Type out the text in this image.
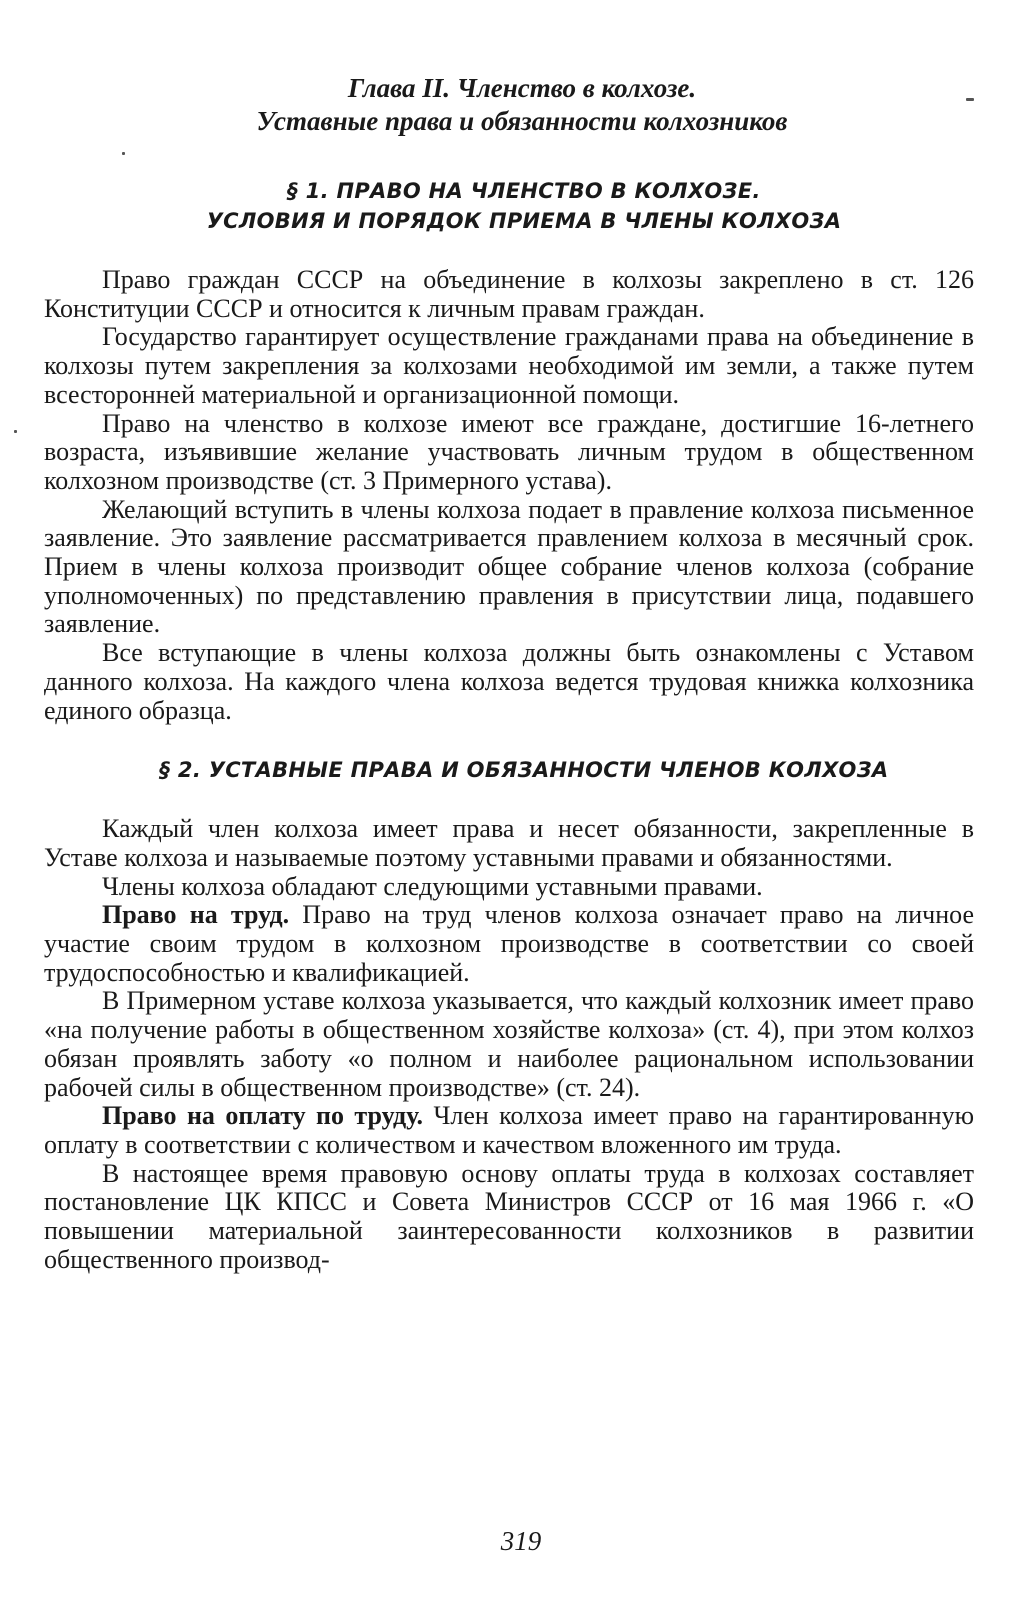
Глава II. Членство в колхозе.
Уставные права и обязанности колхозников
§ 1. ПРАВО НА ЧЛЕНСТВО В КОЛХОЗЕ.
УСЛОВИЯ И ПОРЯДОК ПРИЕМА В ЧЛЕНЫ КОЛХОЗА

Право граждан СССР на объединение в колхозы закреплено в ст. 126 Конституции СССР и относится к личным правам граждан.

Государство гарантирует осуществление гражданами права на объединение в колхозы путем закрепления за колхозами необходимой им земли, а также путем всесторонней материальной и организационной помощи.

Право на членство в колхозе имеют все граждане, достигшие 16-летнего возраста, изъявившие желание участвовать личным трудом в общественном колхозном производстве (ст. 3 Примерного устава).

Желающий вступить в члены колхоза подает в правление колхоза письменное заявление. Это заявление рассматривается правлением колхоза в месячный срок. Прием в члены колхоза производит общее собрание членов колхоза (собрание уполномоченных) по представлению правления в присутствии лица, подавшего заявление.

Все вступающие в члены колхоза должны быть ознакомлены с Уставом данного колхоза. На каждого члена колхоза ведется трудовая книжка колхозника единого образца.

§ 2. УСТАВНЫЕ ПРАВА И ОБЯЗАННОСТИ ЧЛЕНОВ КОЛХОЗА

Каждый член колхоза имеет права и несет обязанности, закрепленные в Уставе колхоза и называемые поэтому уставными правами и обязанностями.

Члены колхоза обладают следующими уставными правами.

Право на труд. Право на труд членов колхоза означает право на личное участие своим трудом в колхозном производстве в соответствии со своей трудоспособностью и квалификацией.

В Примерном уставе колхоза указывается, что каждый колхозник имеет право «на получение работы в общественном хозяйстве колхоза» (ст. 4), при этом колхоз обязан проявлять заботу «о полном и наиболее рациональном использовании рабочей силы в общественном производстве» (ст. 24).

Право на оплату по труду. Член колхоза имеет право на гарантированную оплату в соответствии с количеством и качеством вложенного им труда.

В настоящее время правовую основу оплаты труда в колхозах составляет постановление ЦК КПСС и Совета Министров СССР от 16 мая 1966 г. «О повышении материальной заинтересованности колхозников в развитии общественного производ-

319
